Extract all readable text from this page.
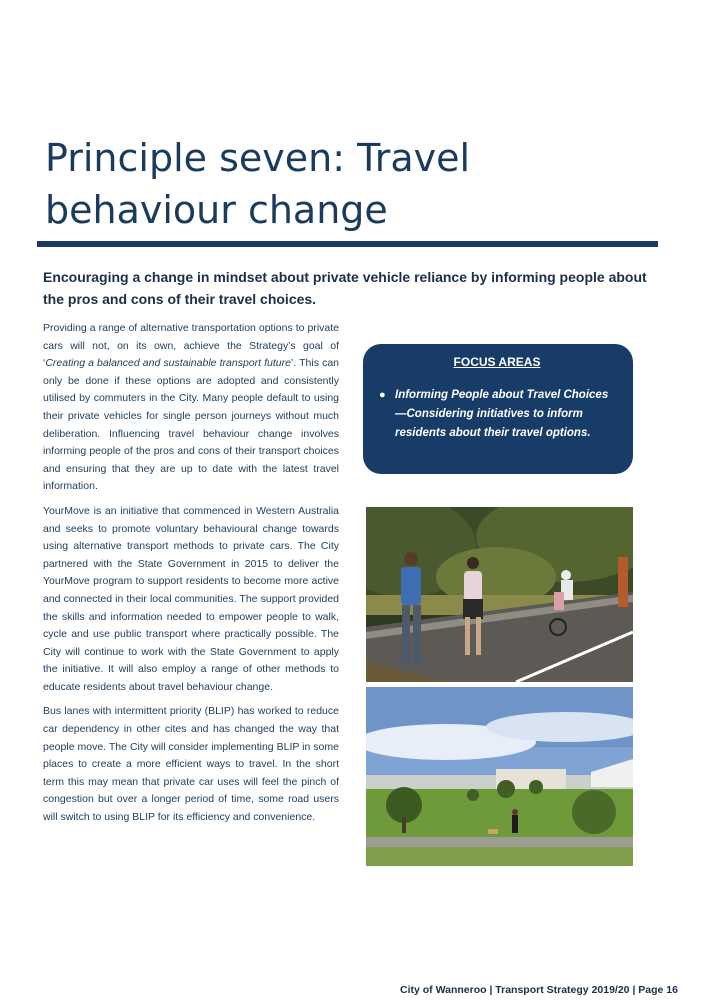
Principle seven: Travel behaviour change

Encouraging a change in mindset about private vehicle reliance by informing people about the pros and cons of their travel choices.

Providing a range of alternative transportation options to private cars will not, on its own, achieve the Strategy’s goal of ‘Creating a balanced and sustainable transport future’. This can only be done if these options are adopted and consistently utilised by commuters in the City. Many people default to using their private vehicles for single person journeys without much deliberation. Influencing travel behaviour change involves informing people of the pros and cons of their transport choices and ensuring that they are up to date with the latest travel information.

YourMove is an initiative that commenced in Western Australia and seeks to promote voluntary behavioural change towards using alternative transport methods to private cars. The City partnered with the State Government in 2015 to deliver the YourMove program to support residents to become more active and connected in their local communities. The support provided the skills and information needed to empower people to walk, cycle and use public transport where practically possible. The City will continue to work with the State Government to apply the initiative. It will also employ a range of other methods to educate residents about travel behaviour change.

Bus lanes with intermittent priority (BLIP) has worked to reduce car dependency in other cites and has changed the way that people move. The City will consider implementing BLIP in some places to create a more efficient ways to travel. In the short term this may mean that private car uses will feel the pinch of congestion but over a longer period of time, some road users will switch to using BLIP for its efficiency and convenience.

FOCUS AREAS
● Informing People about Travel Choices—Considering initiatives to inform residents about their travel options.
City of Wanneroo | Transport Strategy 2019/20 | Page 16
